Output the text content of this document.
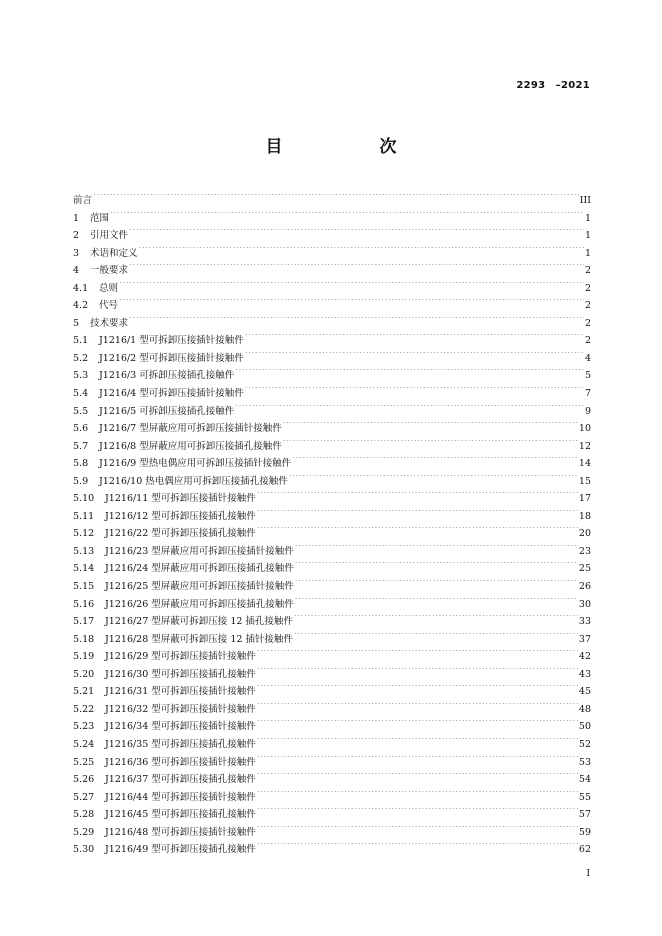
2293　–2021
目　次
前言 ·····	III
1	范围 ·····	1
2	引用文件 ·····	1
3	术语和定义 ·····	1
4	一般要求 ·····	2
4.1	总则 ·····	2
4.2	代号 ·····	2
5	技术要求 ·····	2
5.1	J1216/1 型可拆卸压接插针接触件 ·····	2
5.2	J1216/2 型可拆卸压接插针接触件 ·····	4
5.3	J1216/3 可拆卸压接插孔接触件 ·····	5
5.4	J1216/4 型可拆卸压接插针接触件 ·····	7
5.5	J1216/5 可拆卸压接插孔接触件 ·····	9
5.6	J1216/7 型屏蔽应用可拆卸压接插针接触件 ·····	10
5.7	J1216/8 型屏蔽应用可拆卸压接插孔接触件 ·····	12
5.8	J1216/9 型热电偶应用可拆卸压接插针接触件 ·····	14
5.9	J1216/10 热电偶应用可拆卸压接插孔接触件 ·····	15
5.10	J1216/11 型可拆卸压接插针接触件 ·····	17
5.11	J1216/12 型可拆卸压接插孔接触件 ·····	18
5.12	J1216/22 型可拆卸压接插孔接触件 ·····	20
5.13	J1216/23 型屏蔽应用可拆卸压接插针接触件 ·····	23
5.14	J1216/24 型屏蔽应用可拆卸压接插孔接触件 ·····	25
5.15	J1216/25 型屏蔽应用可拆卸压接插针接触件 ·····	26
5.16	J1216/26 型屏蔽应用可拆卸压接插孔接触件 ·····	30
5.17	J1216/27 型屏蔽可拆卸压接 12 插孔接触件 ·····	33
5.18	J1216/28 型屏蔽可拆卸压接 12 插针接触件 ·····	37
5.19	J1216/29 型可拆卸压接插针接触件 ·····	42
5.20	J1216/30 型可拆卸压接插孔接触件 ·····	43
5.21	J1216/31 型可拆卸压接插针接触件 ·····	45
5.22	J1216/32 型可拆卸压接插针接触件 ·····	48
5.23	J1216/34 型可拆卸压接插针接触件 ·····	50
5.24	J1216/35 型可拆卸压接插孔接触件 ·····	52
5.25	J1216/36 型可拆卸压接插针接触件 ·····	53
5.26	J1216/37 型可拆卸压接插孔接触件 ·····	54
5.27	J1216/44 型可拆卸压接插针接触件 ·····	55
5.28	J1216/45 型可拆卸压接插孔接触件 ·····	57
5.29	J1216/48 型可拆卸压接插针接触件 ·····	59
5.30	J1216/49 型可拆卸压接插孔接触件 ·····	62
I
